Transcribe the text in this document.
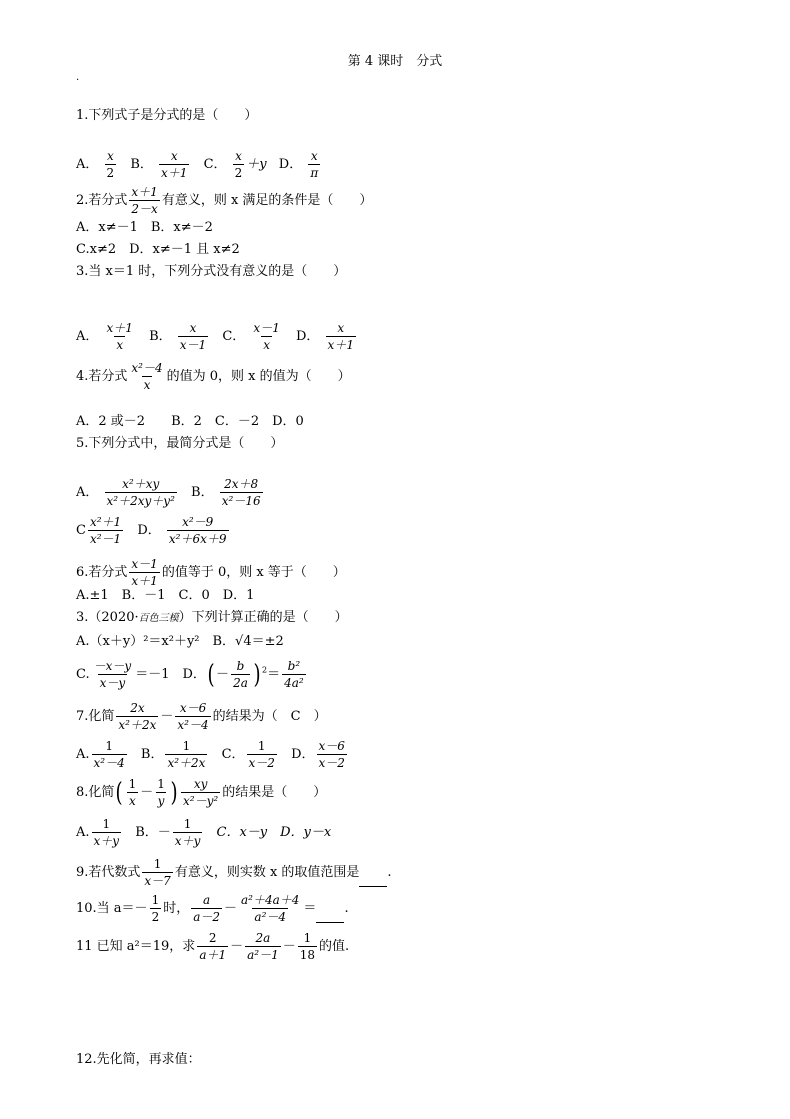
第 4 课时　分式
.
1.下列式子是分式的是（　　）
A． $\frac{x}{2}$ B． $\frac{x}{x+1}$ C． $\frac{x}{2} +y$ D． $\frac{x}{\pi}$
2.若分式 $\frac{x+1}{2-x}$ 有意义，则 x 满足的条件是（　　）
A．x≠－1　B．x≠－2
C.x≠2　D．x≠－1 且 x≠2
3.当 x＝1 时，下列分式没有意义的是（　　）
A． $\frac{x+1}{x}$ B． $\frac{x}{x-1}$ C． $\frac{x-1}{x}$ D． $\frac{x}{x+1}$
4.若分式 $\frac{\text{x²－4}}{x}$ 的值为 0，则 x 的值为（　　）
A．2 或－2　　B．2　C．－2　D．0
5.下列分式中，最简分式是（　　）
A． $\frac{\text{x²＋xy}}{\text{x²＋2xy＋y²}}$ B． $\frac{2x+8}{\text{x²－16}}$
C $\frac{\text{x²＋1}}{\text{x²－1}}$ D． $\frac{\text{x²－9}}{\text{x²＋6x＋9}}$
6.若分式 $\frac{x-1}{x+1}$ 的值等于 0，则 x 等于（　　）
A.±1　B．－1　C．0　D．1
3.（2020·百色三模）下列计算正确的是（　　）
A.（x＋y）²＝x²＋y²　B．√4＝±2
C. $\frac{-x-y}{x-y} =-1$　D．( － $\frac{b}{2a}$ ) $^2= \frac{\text{b²}}{\text{4a²}}$
7.化简 $\frac{2x}{\text{x²＋2x}} - \frac{x-6}{\text{x²－4}}$ 的结果为（　C　）
A. $\frac{1}{\text{x²－4}}$ B． $\frac{1}{\text{x²＋2x}}$ C． $\frac{1}{x-2}$ D． $\frac{x-6}{x-2}$
8.化简( $\frac{1}{x} - \frac{1}{y}$ ) $\frac{xy}{\text{x²－y²}}$ 的结果是（　　）
A. $\frac{1}{x+y}$ B．－ $\frac{1}{x+y}$ C．x－y　D．y－x
9.若代数式 $\frac{1}{x-7}$ 有意义，则实数 x 的取值范围是 .
10.当 $a=- \frac{1}{2}$ 时， $\frac{a}{a-2} - \frac{\text{a²＋4a＋4}}{\text{a²－4}}$ ＝ .
11 已知 a²＝19，求 $\frac{2}{a+1} - \frac{2a}{\text{a²－1}} - \frac{1}{18}$ 的值.
12.先化简，再求值：
